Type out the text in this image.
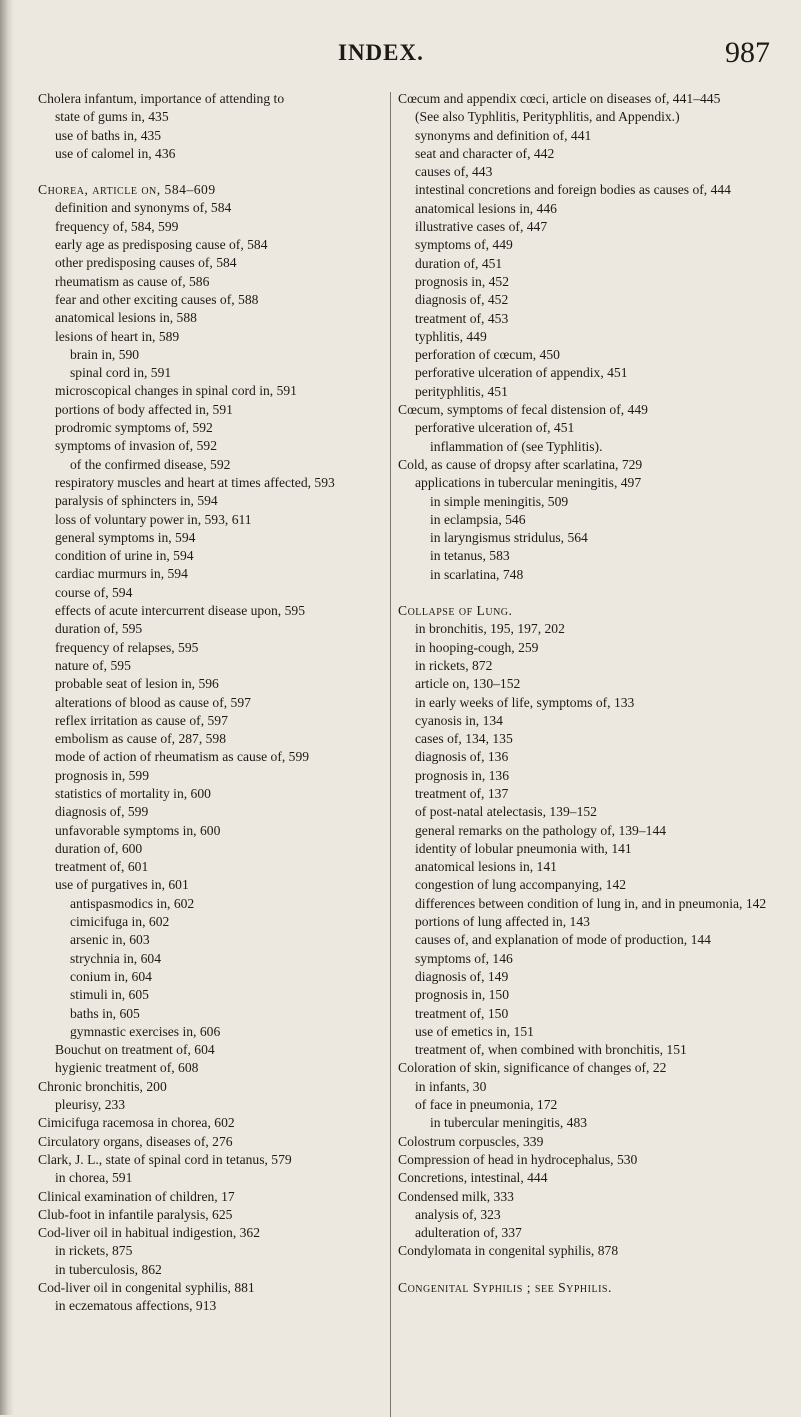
INDEX.	987

Cholera infantum, importance of attending to

state of gums in, 435

use of baths in, 435

use of calomel in, 436

Chorea, article on, 584–609

definition and synonyms of, 584

frequency of, 584, 599

early age as predisposing cause of, 584

other predisposing causes of, 584

rheumatism as cause of, 586

fear and other exciting causes of, 588

anatomical lesions in, 588

lesions of heart in, 589

brain in, 590

spinal cord in, 591

microscopical changes in spinal cord in, 591

portions of body affected in, 591

prodromic symptoms of, 592

symptoms of invasion of, 592

of the confirmed disease, 592

respiratory muscles and heart at times affected, 593

paralysis of sphincters in, 594

loss of voluntary power in, 593, 611

general symptoms in, 594

condition of urine in, 594

cardiac murmurs in, 594

course of, 594

effects of acute intercurrent disease upon, 595

duration of, 595

frequency of relapses, 595

nature of, 595

probable seat of lesion in, 596

alterations of blood as cause of, 597

reflex irritation as cause of, 597

embolism as cause of, 287, 598

mode of action of rheumatism as cause of, 599

prognosis in, 599

statistics of mortality in, 600

diagnosis of, 599

unfavorable symptoms in, 600

duration of, 600

treatment of, 601

use of purgatives in, 601

antispasmodics in, 602

cimicifuga in, 602

arsenic in, 603

strychnia in, 604

conium in, 604

stimuli in, 605

baths in, 605

gymnastic exercises in, 606

Bouchut on treatment of, 604

hygienic treatment of, 608

Chronic bronchitis, 200

pleurisy, 233

Cimicifuga racemosa in chorea, 602

Circulatory organs, diseases of, 276

Clark, J. L., state of spinal cord in tetanus, 579

in chorea, 591

Clinical examination of children, 17

Club-foot in infantile paralysis, 625

Cod-liver oil in habitual indigestion, 362

in rickets, 875

in tuberculosis, 862

Cod-liver oil in congenital syphilis, 881

in eczematous affections, 913

Cœcum and appendix cœci, article on diseases of, 441–445

(See also Typhlitis, Perityphlitis, and Appendix.)

synonyms and definition of, 441

seat and character of, 442

causes of, 443

intestinal concretions and foreign bodies as causes of, 444

anatomical lesions in, 446

illustrative cases of, 447

symptoms of, 449

duration of, 451

prognosis in, 452

diagnosis of, 452

treatment of, 453

typhlitis, 449

perforation of cœcum, 450

perforative ulceration of appendix, 451

perityphlitis, 451

Cœcum, symptoms of fecal distension of, 449

perforative ulceration of, 451

inflammation of (see Typhlitis).

Cold, as cause of dropsy after scarlatina, 729

applications in tubercular meningitis, 497

in simple meningitis, 509

in eclampsia, 546

in laryngismus stridulus, 564

in tetanus, 583

in scarlatina, 748

Collapse of Lung.

in bronchitis, 195, 197, 202

in hooping-cough, 259

in rickets, 872

article on, 130–152

in early weeks of life, symptoms of, 133

cyanosis in, 134

cases of, 134, 135

diagnosis of, 136

prognosis in, 136

treatment of, 137

of post-natal atelectasis, 139–152

general remarks on the pathology of, 139–144

identity of lobular pneumonia with, 141

anatomical lesions in, 141

congestion of lung accompanying, 142

differences between condition of lung in, and in pneumonia, 142

portions of lung affected in, 143

causes of, and explanation of mode of production, 144

symptoms of, 146

diagnosis of, 149

prognosis in, 150

treatment of, 150

use of emetics in, 151

treatment of, when combined with bronchitis, 151

Coloration of skin, significance of changes of, 22

in infants, 30

of face in pneumonia, 172

in tubercular meningitis, 483

Colostrum corpuscles, 339

Compression of head in hydrocephalus, 530

Concretions, intestinal, 444

Condensed milk, 333

analysis of, 323

adulteration of, 337

Condylomata in congenital syphilis, 878

Congenital Syphilis ; see Syphilis.
